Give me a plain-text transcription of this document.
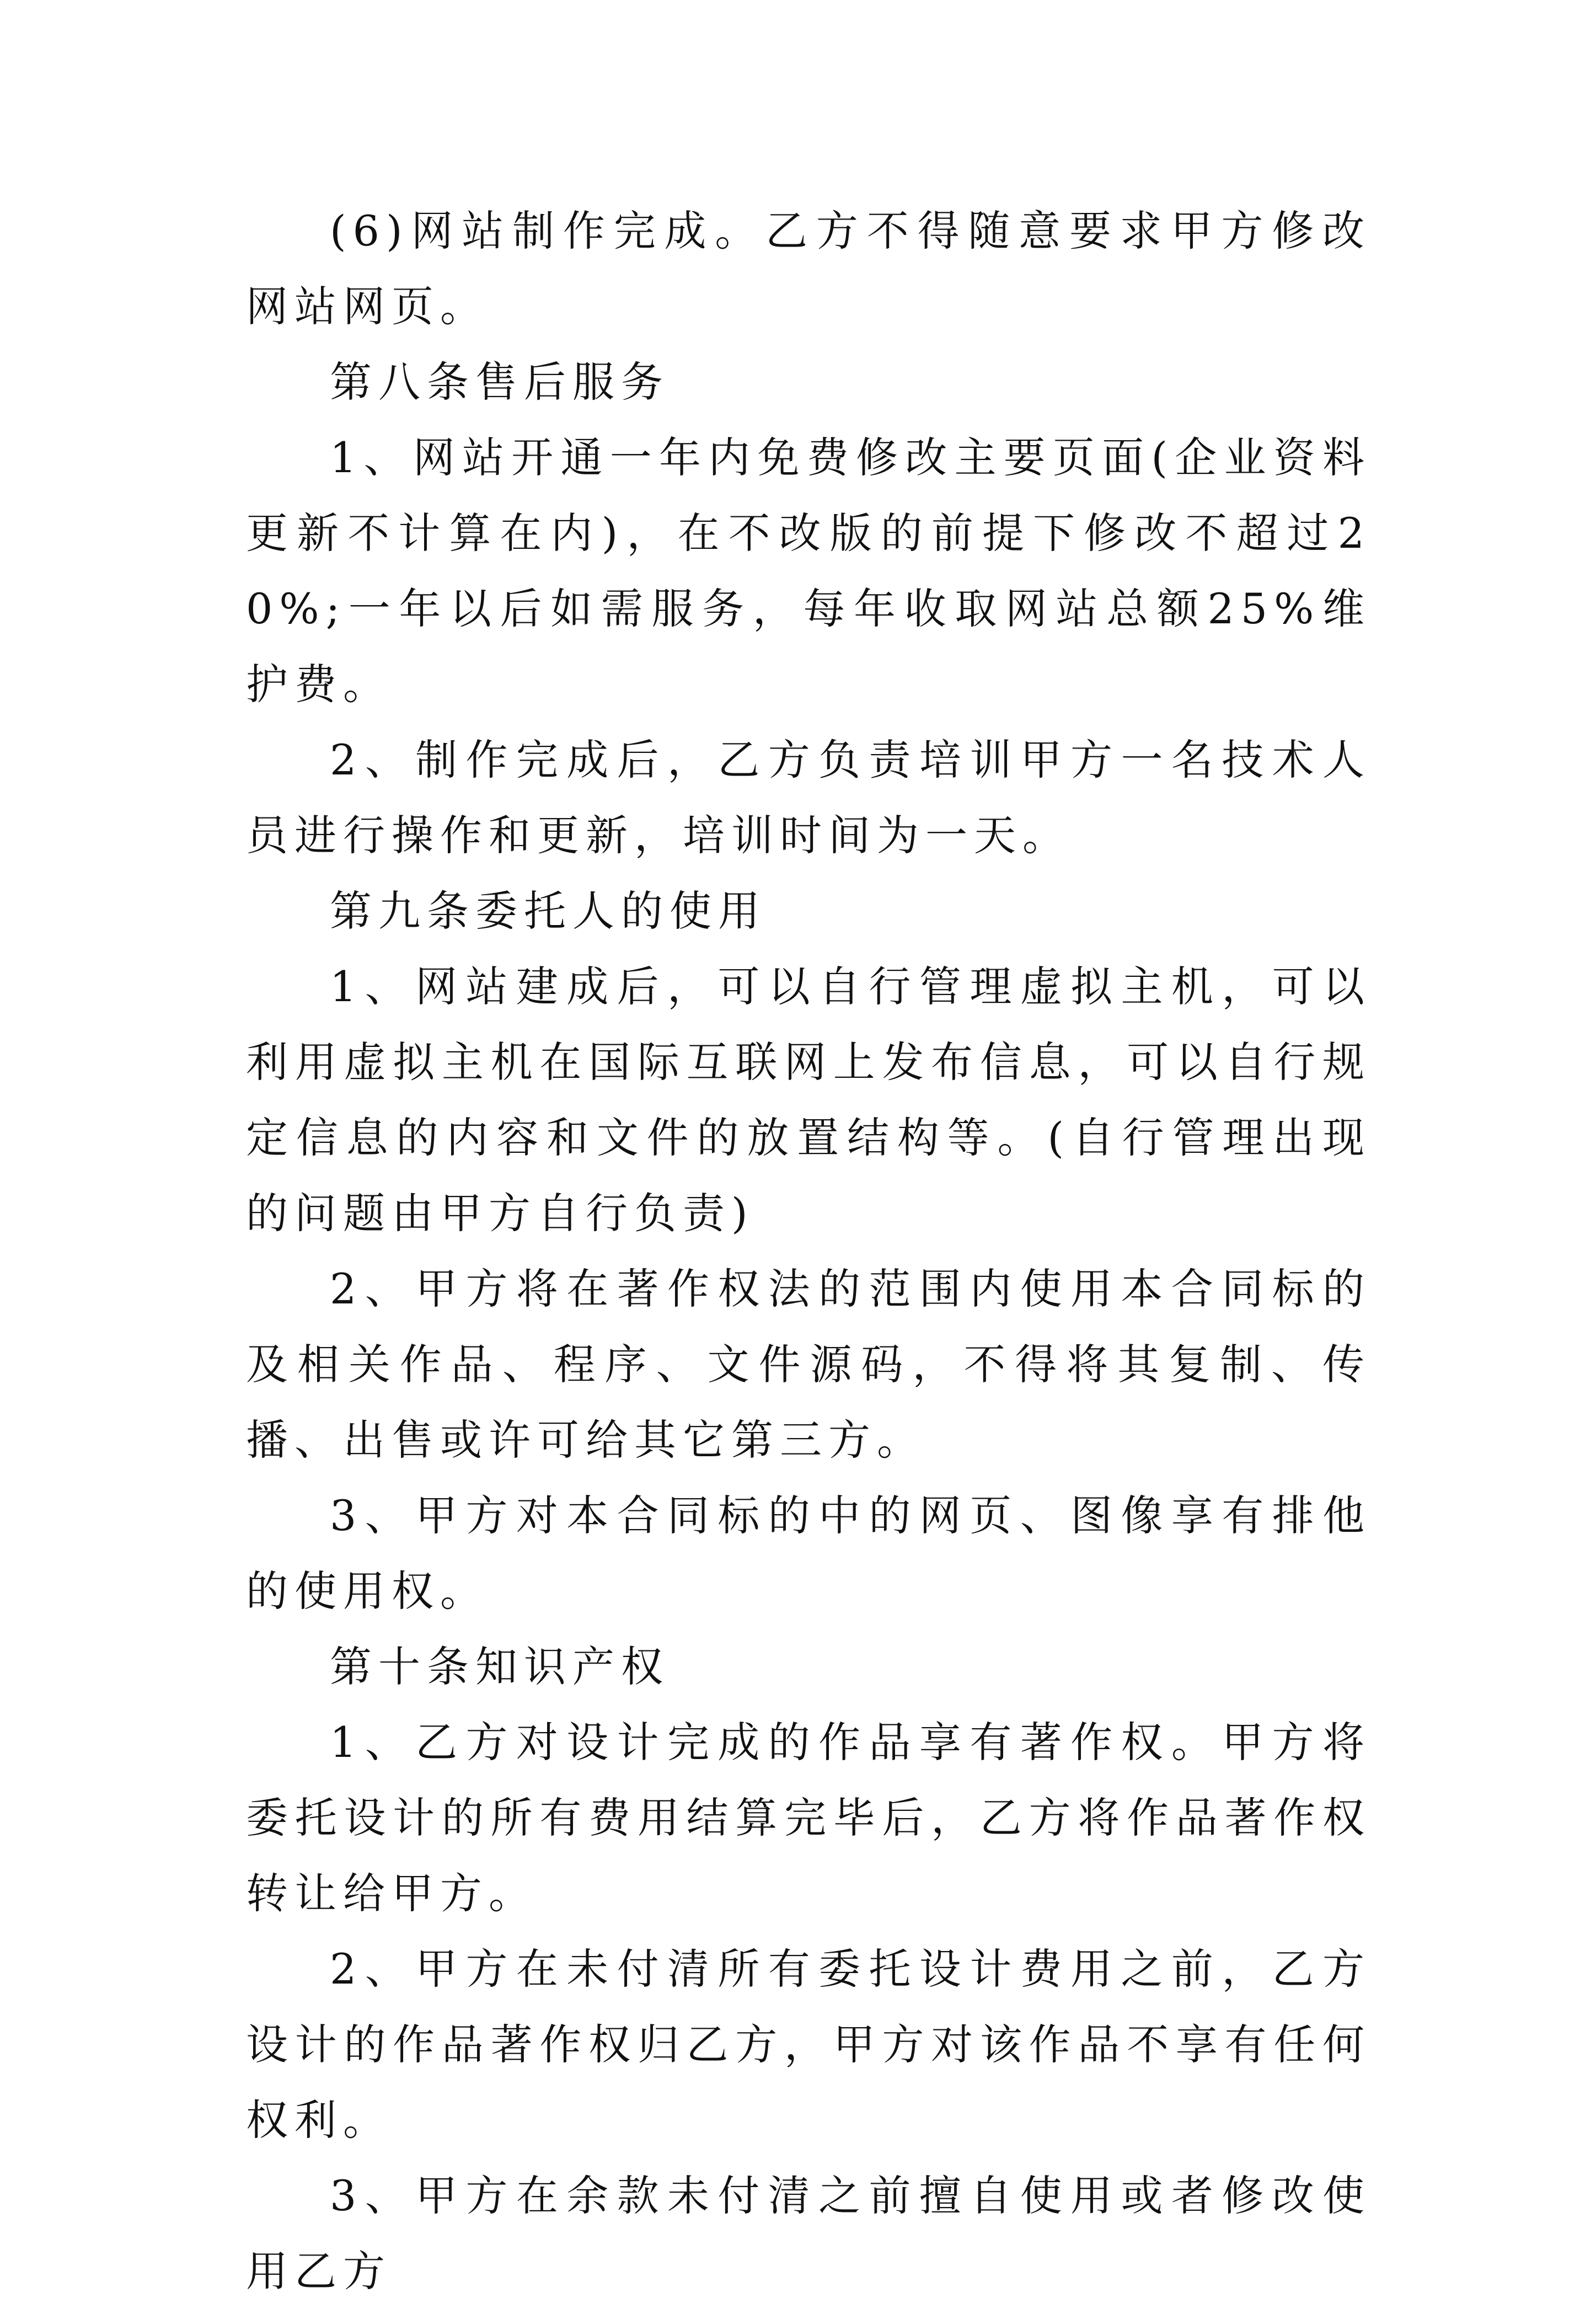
(6)网站制作完成。乙方不得随意要求甲方修改网站网页。

第八条售后服务

1、网站开通一年内免费修改主要页面(企业资料更新不计算在内)，在不改版的前提下修改不超过20%;一年以后如需服务，每年收取网站总额25%维护费。

2、制作完成后，乙方负责培训甲方一名技术人员进行操作和更新，培训时间为一天。

第九条委托人的使用

1、网站建成后，可以自行管理虚拟主机，可以利用虚拟主机在国际互联网上发布信息，可以自行规定信息的内容和文件的放置结构等。(自行管理出现的问题由甲方自行负责)

2、甲方将在著作权法的范围内使用本合同标的及相关作品、程序、文件源码，不得将其复制、传播、出售或许可给其它第三方。

3、甲方对本合同标的中的网页、图像享有排他的使用权。

第十条知识产权

1、乙方对设计完成的作品享有著作权。甲方将委托设计的所有费用结算完毕后，乙方将作品著作权转让给甲方。

2、甲方在未付清所有委托设计费用之前，乙方设计的作品著作权归乙方，甲方对该作品不享有任何权利。

3、甲方在余款未付清之前擅自使用或者修改使用乙方
